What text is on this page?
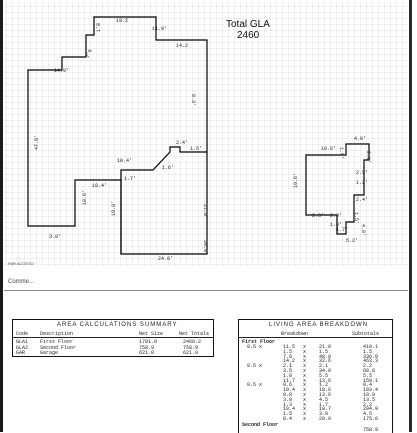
19.2
1'8
7'8
14.2
14.9'
8.3'
11.9'
47.9'	2.4'
1.5'
10.4'
1.6'
1.7'
10.4'
18.6'
19.0'	21.0'
3.0'
20.9'
24.0'
10.6' 1.5'
4.0'
2.0'
2.5'
10.6'	1.2'
2.4'
2.3' 2.0' 1.5'
4.0'
1.7'
5.2'
1.0'
Total GLA
2460
PAR ACOSTO
Comme...
AREA CALCULATIONS SUMMARY
Code Description	Net Size	Net Totals
GLA1 First Floor	1701.0	2460.2
GLA2 Second Floor	758.9	758.9
GAR	Garage	621.0	621.0
LIVING AREA BREAKDOWN
Breakdown	Subtotals
First Floor
0.5 x	11.5 x	21.0	410.1
1.5 x	1.5	1.5
7.0 x	48.0	336.0
14.2 x	32.6	463.3
0.5 x	2.1 x	2.1	2.2
3.5 x	34.0	68.8
1.0 x	5.5	5.5
11.7 x	13.6	159.1
0.5 x	0.6 x	1.2	0.4
10.4 x	18.6	193.4
0.8 x	13.6	10.9
3.0 x	4.5	13.5
1.3 x	1.7	2.2
10.4 x	19.7	204.9
1.5 x	3.0	4.5
8.4 x	20.9	175.6
Second Floor
758.9
